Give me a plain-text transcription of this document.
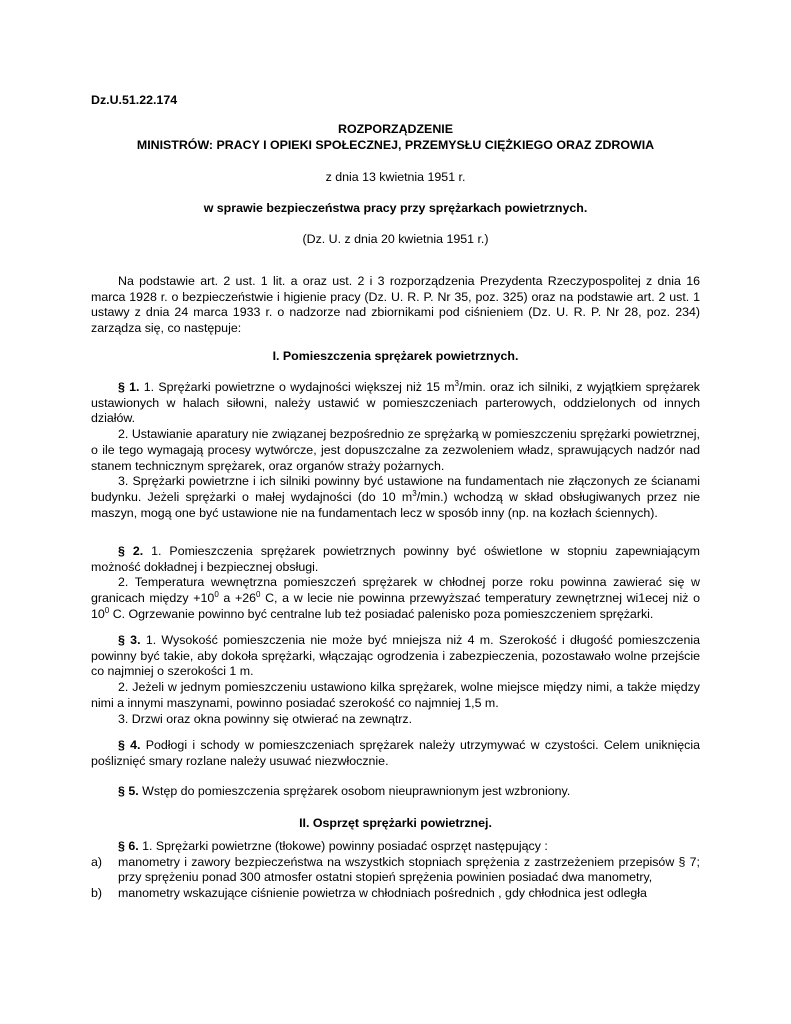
Dz.U.51.22.174
ROZPORZĄDZENIE
MINISTRÓW: PRACY I OPIEKI SPOŁECZNEJ, PRZEMYSŁU CIĘŻKIEGO ORAZ ZDROWIA
z dnia 13 kwietnia 1951 r.
w sprawie bezpieczeństwa pracy przy sprężarkach powietrznych.
(Dz. U. z dnia 20 kwietnia 1951 r.)

Na podstawie art. 2 ust. 1 lit. a oraz ust. 2 i 3 rozporządzenia Prezydenta Rzeczypospolitej z dnia 16 marca 1928 r. o bezpieczeństwie i higienie pracy (Dz. U. R. P. Nr 35, poz. 325) oraz na podstawie art. 2 ust. 1 ustawy z dnia 24 marca 1933 r. o nadzorze nad zbiornikami pod ciśnieniem (Dz. U. R. P. Nr 28, poz. 234) zarządza się, co następuje:

I. Pomieszczenia sprężarek powietrznych.

§ 1. 1. Sprężarki powietrzne o wydajności większej niż 15 $m^3/\min$. oraz ich silniki, z wyjątkiem sprężarek ustawionych w halach siłowni, należy ustawić w pomieszczeniach parterowych, oddzielonych od innych działów.

2. Ustawianie aparatury nie związanej bezpośrednio ze sprężarką w pomieszczeniu sprężarki powietrznej, o ile tego wymagają procesy wytwórcze, jest dopuszczalne za zezwoleniem władz, sprawujących nadzór nad stanem technicznym sprężarek, oraz organów straży pożarnych.

3. Sprężarki powietrzne i ich silniki powinny być ustawione na fundamentach nie złączonych ze ścianami budynku. Jeżeli sprężarki o małej wydajności (do 10 $m^3/\min$.) wchodzą w skład obsługiwanych przez nie maszyn, mogą one być ustawione nie na fundamentach lecz w sposób inny (np. na kozłach ściennych).

§ 2. 1. Pomieszczenia sprężarek powietrznych powinny być oświetlone w stopniu zapewniającym możność dokładnej i bezpiecznej obsługi.

2. Temperatura wewnętrzna pomieszczeń sprężarek w chłodnej porze roku powinna zawierać się w granicach między $+10^0$ $a +26^0$ C, a w lecie nie powinna przewyższać temperatury zewnętrznej wi1ecej niż o $10^0$ C. Ogrzewanie powinno być centralne lub też posiadać palenisko poza pomieszczeniem sprężarki.

§ 3. 1. Wysokość pomieszczenia nie może być mniejsza niż 4 m. Szerokość i długość pomieszczenia powinny być takie, aby dokoła sprężarki, włączając ogrodzenia i zabezpieczenia, pozostawało wolne przejście co najmniej o szerokości 1 m.

2. Jeżeli w jednym pomieszczeniu ustawiono kilka sprężarek, wolne miejsce między nimi, a także między nimi a innymi maszynami, powinno posiadać szerokość co najmniej 1,5 m.

3. Drzwi oraz okna powinny się otwierać na zewnątrz.

§ 4. Podłogi i schody w pomieszczeniach sprężarek należy utrzymywać w czystości. Celem uniknięcia pośliznięć smary rozlane należy usuwać niezwłocznie.

§ 5. Wstęp do pomieszczenia sprężarek osobom nieuprawnionym jest wzbroniony.

II. Osprzęt sprężarki powietrznej.

§ 6. 1. Sprężarki powietrzne (tłokowe) powinny posiadać osprzęt następujący :

a)	manometry i zawory bezpieczeństwa na wszystkich stopniach sprężenia z zastrzeżeniem przepisów § 7; przy sprężeniu ponad 300 atmosfer ostatni stopień sprężenia powinien posiadać dwa manometry,
b)	manometry wskazujące ciśnienie powietrza w chłodniach pośrednich , gdy chłodnica jest odległa
